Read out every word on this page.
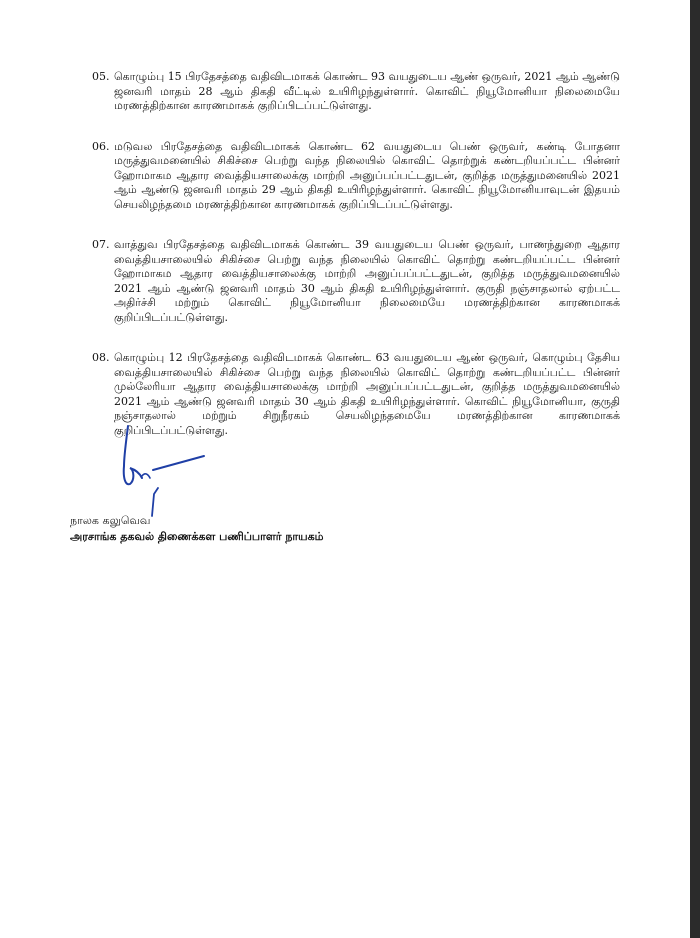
05. கொழும்பு 15 பிரதேசத்தை வதிவிடமாகக் கொண்ட 93 வயதுடைய ஆண் ஒருவர், 2021 ஆம் ஆண்டு ஜனவரி மாதம் 28 ஆம் திகதி வீட்டில் உயிரிழந்துள்ளார். கொவிட் நியூமோனியா நிலைமையே மரணத்திற்கான காரணமாகக் குறிப்பிடப்பட்டுள்ளது.
06. மடுவல பிரதேசத்தை வதிவிடமாகக் கொண்ட 62 வயதுடைய பெண் ஒருவர், கண்டி போதனா மருத்துவமனையில் சிகிச்சை பெற்று வந்த நிலையில் கொவிட் தொற்றுக் கண்டறியப்பட்ட பின்னர் ஹோமாகம ஆதார வைத்தியசாலைக்கு மாற்றி அனுப்பப்பட்டதுடன், குறித்த மருத்துமனையில் 2021 ஆம் ஆண்டு ஜனவரி மாதம் 29 ஆம் திகதி உயிரிழந்துள்ளார். கொவிட் நியூமோனியாவுடன் இதயம் செயலிழந்தமை மரணத்திற்கான காரணமாகக் குறிப்பிடப்பட்டுள்ளது.
07. வாத்துவ பிரதேசத்தை வதிவிடமாகக் கொண்ட 39 வயதுடைய பெண் ஒருவர், பாணந்துறை ஆதார வைத்தியசாலையில் சிகிச்சை பெற்று வந்த நிலையில் கொவிட் தொற்று கண்டறியப்பட்ட பின்னர் ஹோமாகம ஆதார வைத்தியசாலைக்கு மாற்றி அனுப்பப்பட்டதுடன், குறித்த மருத்துவமனையில் 2021 ஆம் ஆண்டு ஜனவரி மாதம் 30 ஆம் திகதி உயிரிழந்துள்ளார். குருதி நஞ்சாதலால் ஏற்பட்ட அதிர்ச்சி மற்றும் கொவிட் நியூமோனியா நிலைமையே மரணத்திற்கான காரணமாகக் குறிப்பிடப்பட்டுள்ளது.
08. கொழும்பு 12 பிரதேசத்தை வதிவிடமாகக் கொண்ட 63 வயதுடைய ஆண் ஒருவர், கொழும்பு தேசிய வைத்தியசாலையில் சிகிச்சை பெற்று வந்த நிலையில் கொவிட் தொற்று கண்டறியப்பட்ட பின்னர் முல்லேரியா ஆதார வைத்தியசாலைக்கு மாற்றி அனுப்பப்பட்டதுடன், குறித்த மருத்துவமனையில் 2021 ஆம் ஆண்டு ஜனவரி மாதம் 30 ஆம் திகதி உயிரிழந்துள்ளார். கொவிட் நியூமோனியா, குருதி நஞ்சாதலால் மற்றும் சிறுநீரகம் செயலிழந்தமையே மரணத்திற்கான காரணமாகக் குறிப்பிடப்பட்டுள்ளது.
நாலக கலுவெவ
அரசாங்க தகவல் திணைக்கள பணிப்பாளர் நாயகம்
